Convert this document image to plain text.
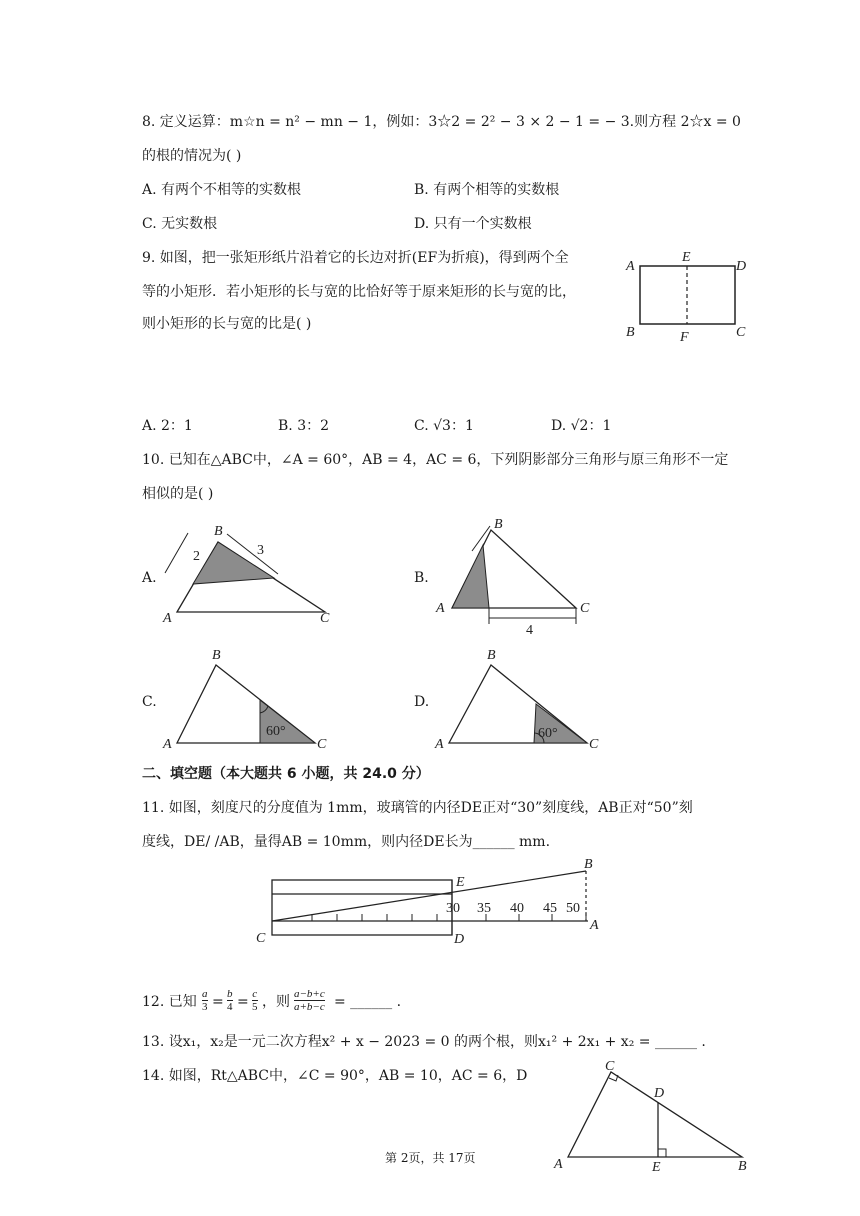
8. 定义运算：m☆n = n² − mn − 1，例如：3☆2 = 2² − 3 × 2 − 1 = − 3.则方程 2☆x = 0
的根的情况为( )
A. 有两个不相等的实数根	B. 有两个相等的实数根
C. 无实数根	D. 只有一个实数根
9. 如图，把一张矩形纸片沿着它的长边对折(EF为折痕)，得到两个全
等的小矩形．若小矩形的长与宽的比恰好等于原来矩形的长与宽的比，
则小矩形的长与宽的比是( )
A
E
D
B	F	C
A. 2：1	B. 3：2	C. √3：1	D. √2：1
10. 已知在△ABC中，∠A = 60°，AB = 4，AC = 6，下列阴影部分三角形与原三角形不一定
相似的是( )
A.
2	3
A
B
C
B.
4
A
B
C
C.
60°
A
B
C
D.
60°
A
B
C
二、填空题（本大题共 6 小题，共 24.0 分）
11. 如图，刻度尺的分度值为 1mm，玻璃管的内径DE正对“30”刻度线，AB正对“50”刻
度线，DE/ /AB，量得AB = 10mm，则内径DE长为______ mm.
30 35 40 45 50
B
E
C	D
A
12. 已知 $\frac{a}{3} = \frac{b}{4} = \frac{c}{5}$ ，则 $\frac{a-b+c}{a+b-c}$ = ______ .
13. 设x₁，x₂是一元二次方程x² + x − 2023 = 0 的两个根，则x₁² + 2x₁ + x₂ = ______ .
14. 如图，Rt△ABC中，∠C = 90°，AB = 10，AC = 6，D
C
D
A	E	B
第 2页，共 17页
